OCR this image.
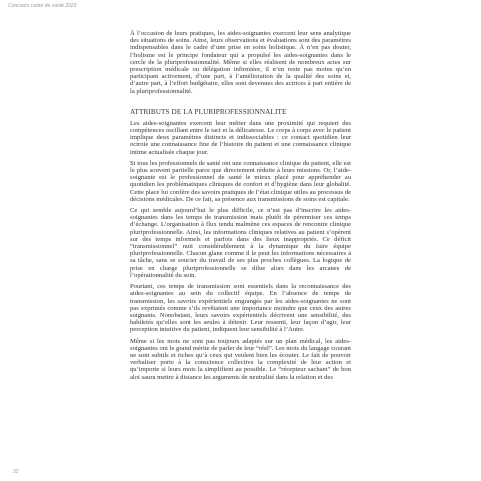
Concours cadre de santé 2023

À l’occasion de leurs pratiques, les aides-soignantes exercent leur sens analytique des situations de soins. Ainsi, leurs observations et évaluations sont des paramètres indispensables dans le cadre d’une prise en soins holistique. À n’en pas douter, l’holisme est le principe fondateur qui a propulsé les aides-soignantes dans le cercle de la pluriprofessionnalité. Même si elles réalisent de nombreux actes sur prescription médicale ou délégation infirmière, il n’en reste pas moins qu’en participant activement, d’une part, à l’amélioration de la qualité des soins et, d’autre part, à l’effort budgétaire, elles sont devenues des actrices à part entière de la pluriprofessionnalité.

ATTRIBUTS DE LA PLURIPROFESSIONNALITE

Les aides-soignantes exercent leur métier dans une proximité qui requiert des compétences oscillant entre le tact et la délicatesse. Le corps à corps avec le patient implique deux paramètres distincts et indissociables : ce contact quotidien leur octroie une connaissance fine de l’histoire du patient et une connaissance clinique intime actualisée chaque jour.

Si tous les professionnels de santé ont une connaissance clinique du patient, elle est le plus souvent partielle parce que directement réduite à leurs missions. Or, l’aide-soignante est le professionnel de santé le mieux placé pour appréhender au quotidien les problématiques cliniques de confort et d’hygiène dans leur globalité. Cette place lui confère des savoirs pratiques de l’état clinique utiles au processus de décisions médicales. De ce fait, sa présence aux transmissions de soins est capitale.

Ce qui semble aujourd’hui le plus difficile, ce n’est pas d’inscrire les aides-soignantes dans les temps de transmission mais plutôt de pérenniser ces temps d’échange. L’organisation à flux tendu malmène ces espaces de rencontre clinique pluriprofessionnelle. Ainsi, les informations cliniques relatives au patient s’opèrent sur des temps informels et parfois dans des lieux inappropriés. Ce déficit “transmissionnel” nuit considérablement à la dynamique du faire équipe pluriprofessionnelle. Chacun glane comme il le peut les informations nécessaires à sa tâche, sans se soucier du travail de ses plus proches collègues. La logique de prise en charge pluriprofessionnelle se dilue alors dans les arcanes de l’opérationnalité du soin.

Pourtant, ces temps de transmission sont essentiels dans la reconnaissance des aides-soignantes au sein du collectif équipe. En l’absence de temps de transmission, les savoirs expérientiels engrangés par les aides-soignantes ne sont pas exprimés comme s’ils revêtaient une importance moindre que ceux des autres soignants. Nonobstant, leurs savoirs expérientiels décrivent une sensibilité, des habiletés qu’elles sont les seules à détenir. Leur ressenti, leur façon d’agir, leur perception intuitive du patient, indiquent leur sensibilité à l’Autre.

Même si les mots ne sont pas toujours adaptés sur un plan médical, les aides-soignantes ont le grand mérite de parler de leur “réel”. Les mots du langage courant ne sont subtils et riches qu’à ceux qui veulent bien les écouter. Le fait de pouvoir verbaliser porte à la conscience collective la complexité de leur action et qu’importe si leurs mots la simplifient au possible. Le “récepteur sachant” de bon aloi saura mettre à distance les arguments de neutralité dans la relation et des

32
